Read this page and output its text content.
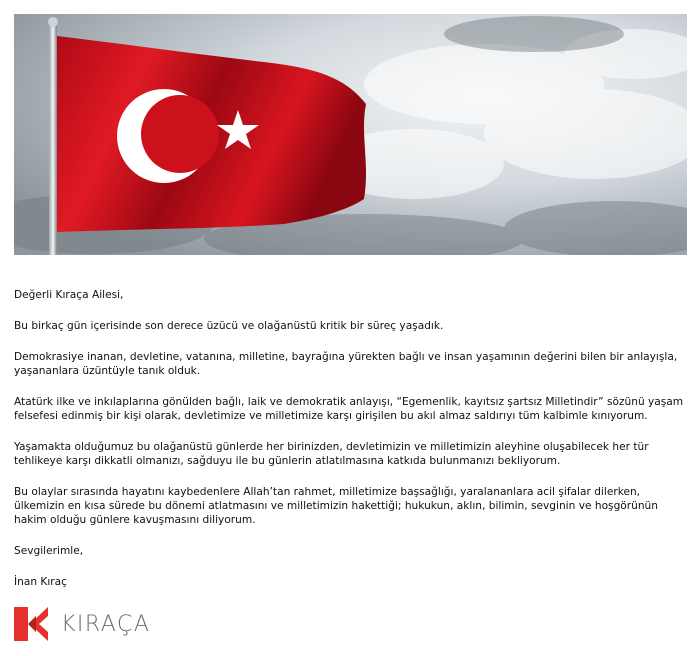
Değerli Kıraça Ailesi,

Bu birkaç gün içerisinde son derece üzücü ve olağanüstü kritik bir süreç yaşadık.

Demokrasiye inanan, devletine, vatanına, milletine, bayrağına yürekten bağlı ve insan yaşamının değerini bilen bir anlayışla, yaşananlara üzüntüyle tanık olduk.

Atatürk ilke ve inkılaplarına gönülden bağlı, laik ve demokratik anlayışı, “Egemenlik, kayıtsız şartsız Milletindir” sözünü yaşam felsefesi edinmiş bir kişi olarak, devletimize ve milletimize karşı girişilen bu akıl almaz saldırıyı tüm kalbimle kınıyorum.

Yaşamakta olduğumuz bu olağanüstü günlerde her birinizden, devletimizin ve milletimizin aleyhine oluşabilecek her tür tehlikeye karşı dikkatli olmanızı, sağduyu ile bu günlerin atlatılmasına katkıda bulunmanızı bekliyorum.

Bu olaylar sırasında hayatını kaybedenlere Allah’tan rahmet, milletimize başsağlığı, yaralananlara acil şifalar dilerken, ülkemizin en kısa sürede bu dönemi atlatmasını ve milletimizin hakettiği; hukukun, aklın, bilimin, sevginin ve hoşgörünün hakim olduğu günlere kavuşmasını diliyorum.

Sevgilerimle,

İnan Kıraç

KIRAÇA
